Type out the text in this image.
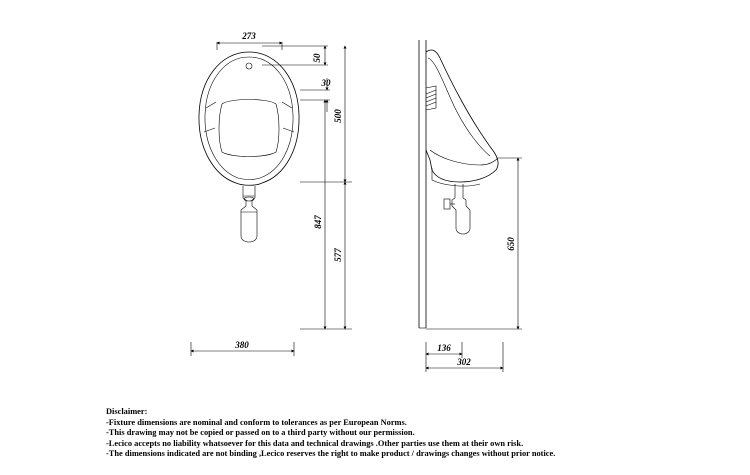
273
380
50
30
500
847
577
650
136
302
Disclaimer:
-Fixture dimensions are nominal and conform to tolerances as per European Norms.
-This drawing may not be copied or passed on to a third party without our permission.
-Lecico accepts no liability whatsoever for this data and technical drawings .Other parties use them at their own risk.
-The dimensions indicated are not binding ,Lecico reserves the right to make product / drawings changes without prior notice.
